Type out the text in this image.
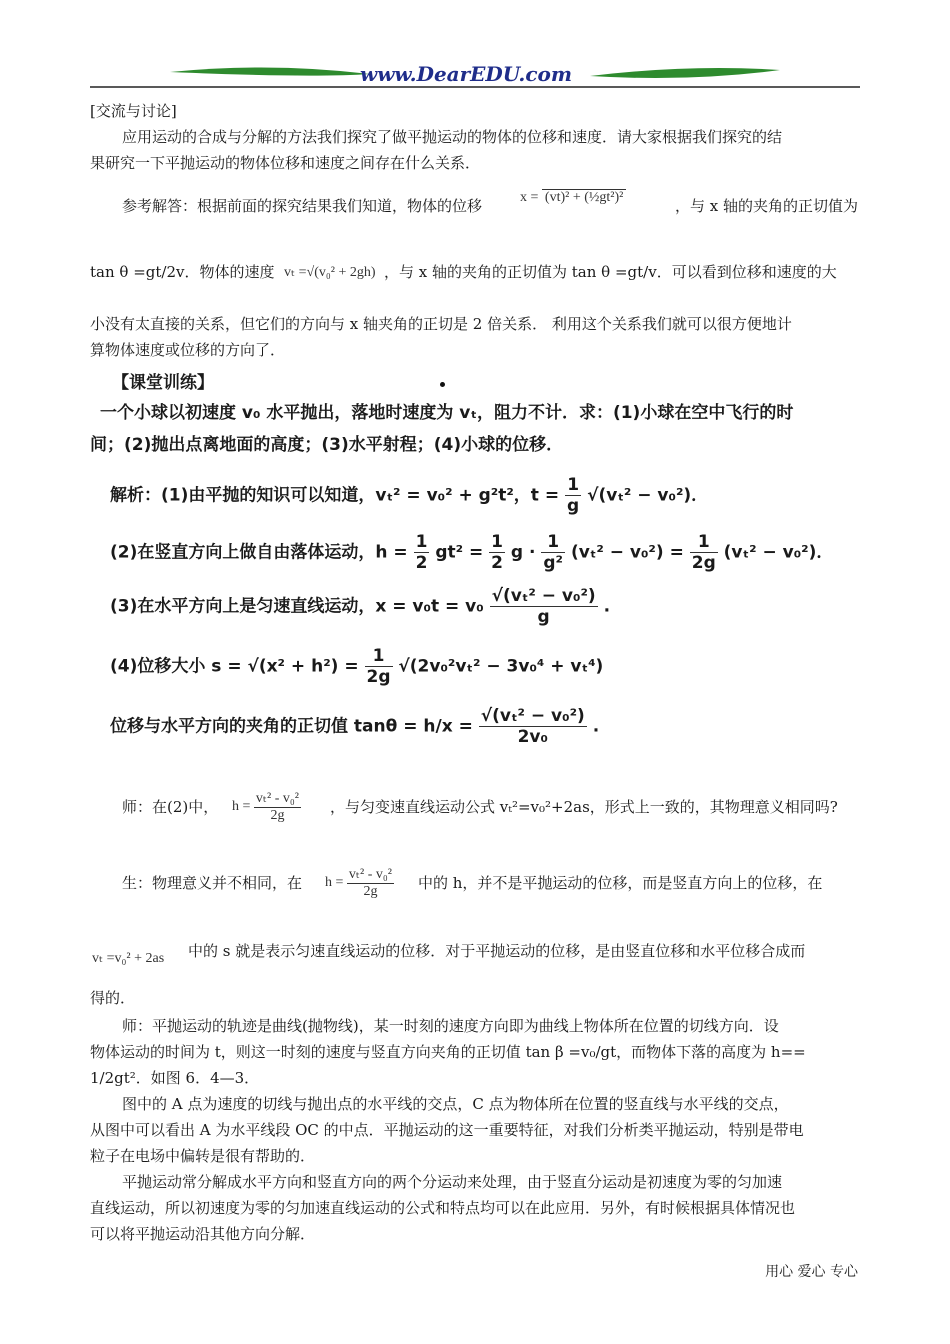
www.DearEDU.com
[交流与讨论]
应用运动的合成与分解的方法我们探究了做平抛运动的物体的位移和速度．请大家根据我们探究的结
果研究一下平抛运动的物体位移和速度之间存在什么关系．
参考解答：根据前面的探究结果我们知道，物体的位移	x = (vt)² + (½gt²)²	，与 x 轴的夹角的正切值为
tan θ =gt/2v．物体的速度 vₜ =√(v₀² + 2gh) ，与 x 轴的夹角的正切值为 tan θ =gt/v．可以看到位移和速度的大
小没有太直接的关系，但它们的方向与 x 轴夹角的正切是 2 倍关系． 利用这个关系我们就可以很方便地计
算物体速度或位移的方向了．
【课堂训练】
一个小球以初速度 v₀ 水平抛出，落地时速度为 vₜ，阻力不计．求：(1)小球在空中飞行的时
间；(2)抛出点离地面的高度；(3)水平射程；(4)小球的位移．
解析：(1)由平抛的知识可以知道，vₜ² = v₀² + g²t²，$t = \frac{1}{g} √(v_t^2 - v_0^2)$．
(2)在竖直方向上做自由落体运动，$h = \frac{1}{2} gt^2 = \frac{1}{2}$ $g \cdot \frac{1}{\text{g²}} (v_t^2 - v_0^2) = \frac{1}{2g} (v_t^2 - v_0^2)$．
(3)在水平方向上是匀速直线运动，$x = v_0t = v_0 \frac{\text{√(vₜ² − v₀²)}}{g}$ .
(4)位移大小 $s = √(x^2 + h^2) = \frac{1}{2g} √(2v_0^2v_t^2 - 3v_0^4 + v_t^4)$
位移与水平方向的夹角的正切值 $\tan\theta = h/x = \frac{\text{√(vₜ² − v₀²)}}{\text{2v₀}}$ .
师：在(2)中， $h = \frac{\text{vₜ² - v₀²}}{2g}$ ，与匀变速直线运动公式 vₜ²=v₀²+2as，形式上一致的，其物理意义相同吗?
生：物理意义并不相同，在	$h = \frac{\text{vₜ² - v₀²}}{2g}$ 中的 h，并不是平抛运动的位移，而是竖直方向上的位移，在
vₜ =v₀² + 2as 中的 s 就是表示匀速直线运动的位移．对于平抛运动的位移，是由竖直位移和水平位移合成而
得的．
师：平抛运动的轨迹是曲线(抛物线)，某一时刻的速度方向即为曲线上物体所在位置的切线方向．设
物体运动的时间为 t，则这一时刻的速度与竖直方向夹角的正切值 tan β =v₀/gt，而物体下落的高度为 h==
1/2gt²．如图 6．4—3．
图中的 A 点为速度的切线与抛出点的水平线的交点，C 点为物体所在位置的竖直线与水平线的交点，
从图中可以看出 A 为水平线段 OC 的中点．平抛运动的这一重要特征，对我们分析类平抛运动，特别是带电
粒子在电场中偏转是很有帮助的．
平抛运动常分解成水平方向和竖直方向的两个分运动来处理，由于竖直分运动是初速度为零的匀加速
直线运动，所以初速度为零的匀加速直线运动的公式和特点均可以在此应用．另外，有时候根据具体情况也
可以将平抛运动沿其他方向分解．
用心 爱心 专心
